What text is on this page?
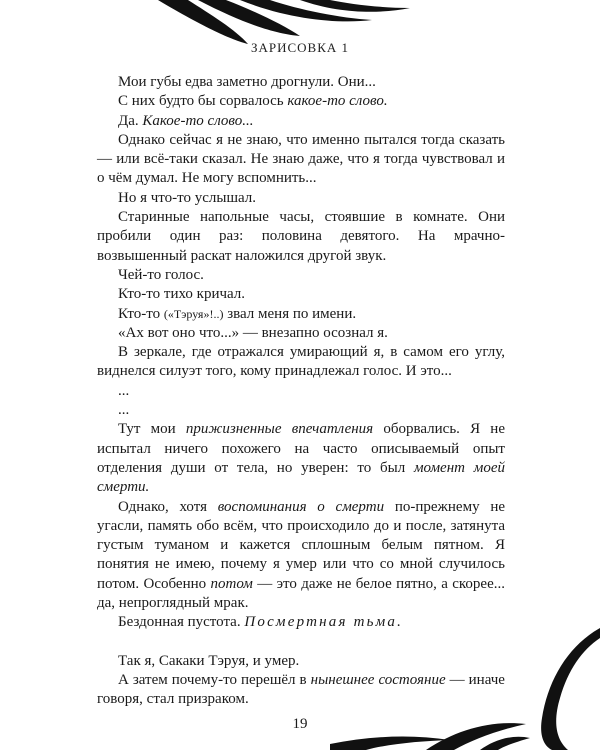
ЗАРИСОВКА 1

Мои губы едва заметно дрогнули. Они...

С них будто бы сорвалось какое-то слово.

Да. Какое-то слово...

Однако сейчас я не знаю, что именно пытался тогда сказать — или всё-таки сказал. Не знаю даже, что я тогда чувствовал и о чём думал. Не могу вспомнить...

Но я что-то услышал.

Старинные напольные часы, стоявшие в комнате. Они пробили один раз: половина девятого. На мрачно-возвышенный раскат наложился другой звук.

Чей-то голос.

Кто-то тихо кричал.

Кто-то («Тэруя»!..) звал меня по имени.

«Ах вот оно что...» — внезапно осознал я.

В зеркале, где отражался умирающий я, в самом его углу, виднелся силуэт того, кому принадлежал голос. И это...

...

...

Тут мои прижизненные впечатления оборвались. Я не испытал ничего похожего на часто описываемый опыт отделения души от тела, но уверен: то был момент моей смерти.

Однако, хотя воспоминания о смерти по-прежнему не угасли, память обо всём, что происходило до и после, затянута густым туманом и кажется сплошным белым пятном. Я понятия не имею, почему я умер или что со мной случилось потом. Особенно потом — это даже не белое пятно, а скорее... да, непроглядный мрак.

Бездонная пустота. Посмертная тьма.

Так я, Сакаки Тэруя, и умер.

А затем почему-то перешёл в нынешнее состояние — иначе говоря, стал призраком.

19
